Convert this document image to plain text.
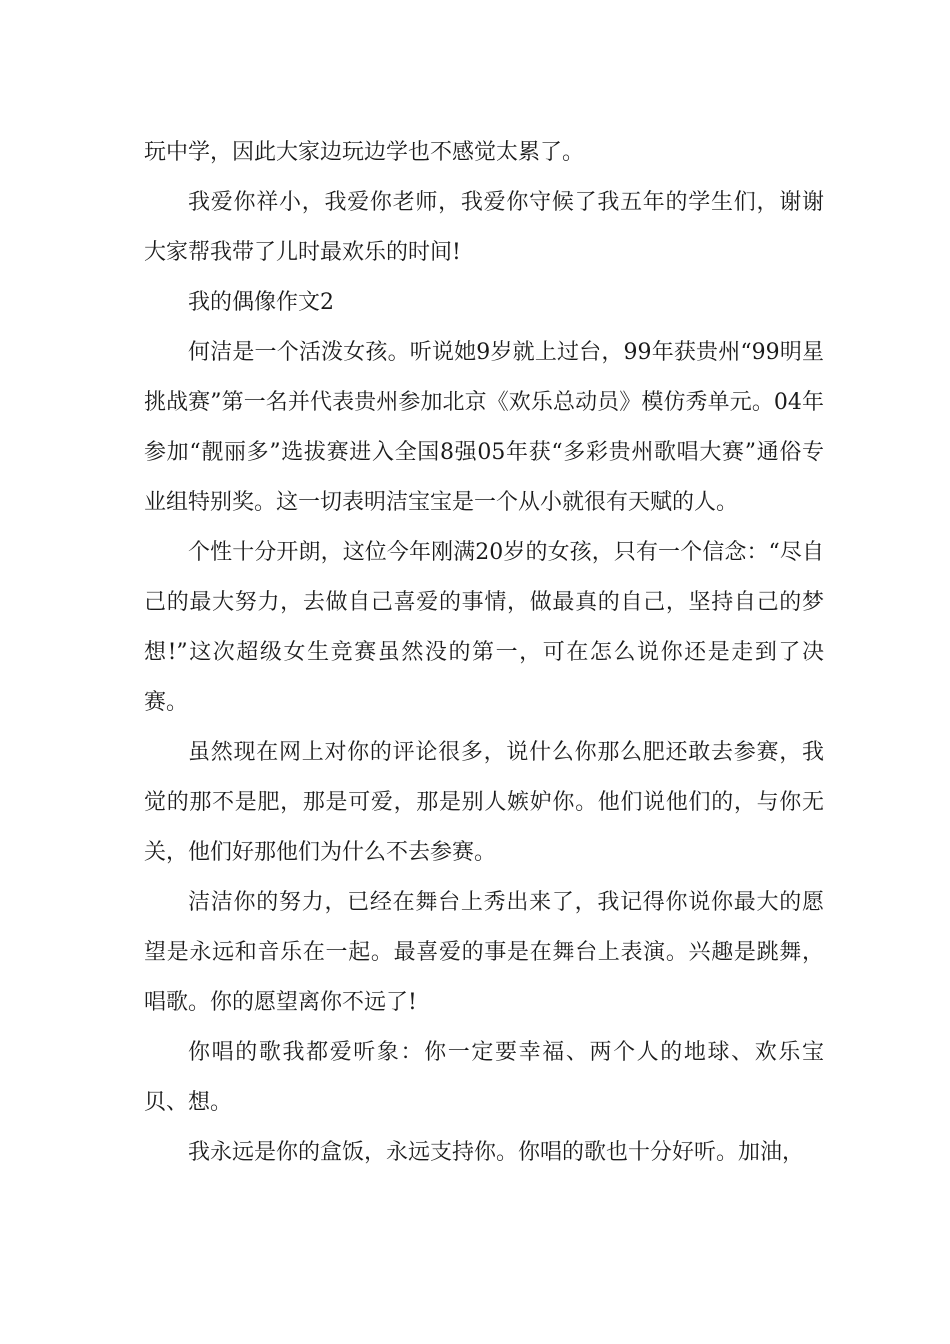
玩中学，因此大家边玩边学也不感觉太累了。

我爱你祥小，我爱你老师，我爱你守候了我五年的学生们，谢谢大家帮我带了儿时最欢乐的时间!

我的偶像作文2

何洁是一个活泼女孩。听说她9岁就上过台，99年获贵州“99明星挑战赛”第一名并代表贵州参加北京《欢乐总动员》模仿秀单元。04年参加“靓丽多”选拔赛进入全国8强05年获“多彩贵州歌唱大赛”通俗专业组特别奖。这一切表明洁宝宝是一个从小就很有天赋的人。

个性十分开朗，这位今年刚满20岁的女孩，只有一个信念：“尽自己的最大努力，去做自己喜爱的事情，做最真的自己，坚持自己的梦想!”这次超级女生竞赛虽然没的第一，可在怎么说你还是走到了决赛。

虽然现在网上对你的评论很多，说什么你那么肥还敢去参赛，我觉的那不是肥，那是可爱，那是别人嫉妒你。他们说他们的，与你无关，他们好那他们为什么不去参赛。

洁洁你的努力，已经在舞台上秀出来了，我记得你说你最大的愿望是永远和音乐在一起。最喜爱的事是在舞台上表演。兴趣是跳舞，唱歌。你的愿望离你不远了!

你唱的歌我都爱听象：你一定要幸福、两个人的地球、欢乐宝贝、想。

我永远是你的盒饭，永远支持你。你唱的歌也十分好听。加油，
